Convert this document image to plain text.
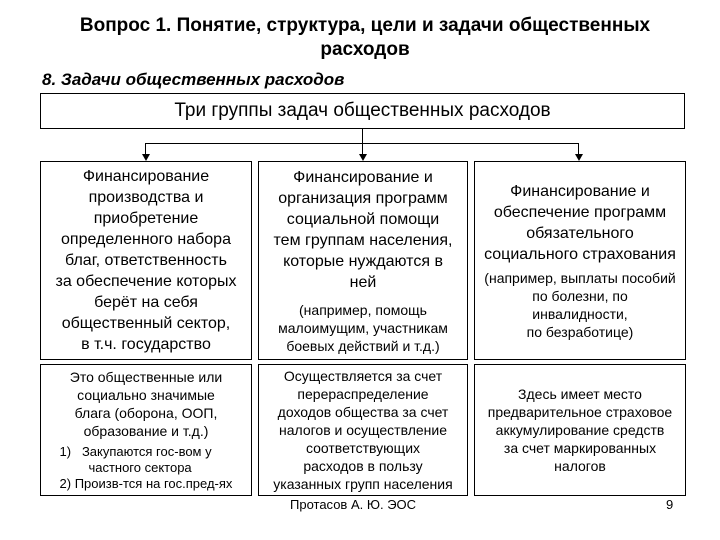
Вопрос 1. Понятие, структура, цели и задачи общественных
расходов
8. Задачи общественных расходов
Три группы задач общественных расходов

Финансирование

производства и

приобретение

определенного набора

благ, ответственность

за обеспечение которых

берёт на себя

общественный сектор,

в т.ч. государство

Финансирование и

организация программ

социальной помощи

тем группам населения,

которые нуждаются в

ней

(например, помощь

малоимущим, участникам

боевых действий и т.д.)

Финансирование и

обеспечение программ

обязательного

социального страхования

(например, выплаты пособий

по болезни, по

инвалидности,

по безработице)

Это общественные или

социально значимые

блага (оборона, ООП,

образование и т.д.)

1)   Закупаются гос-вом у

частного сектора

2) Произв-тся на гос.пред-ях

Осуществляется за счет

перераспределение

доходов общества за счет

налогов и осуществление

соответствующих

расходов в пользу

указанных групп населения

Здесь имеет место

предварительное страховое

аккумулирование средств

за счет маркированных

налогов

Протасов А. Ю. ЭОС	9
